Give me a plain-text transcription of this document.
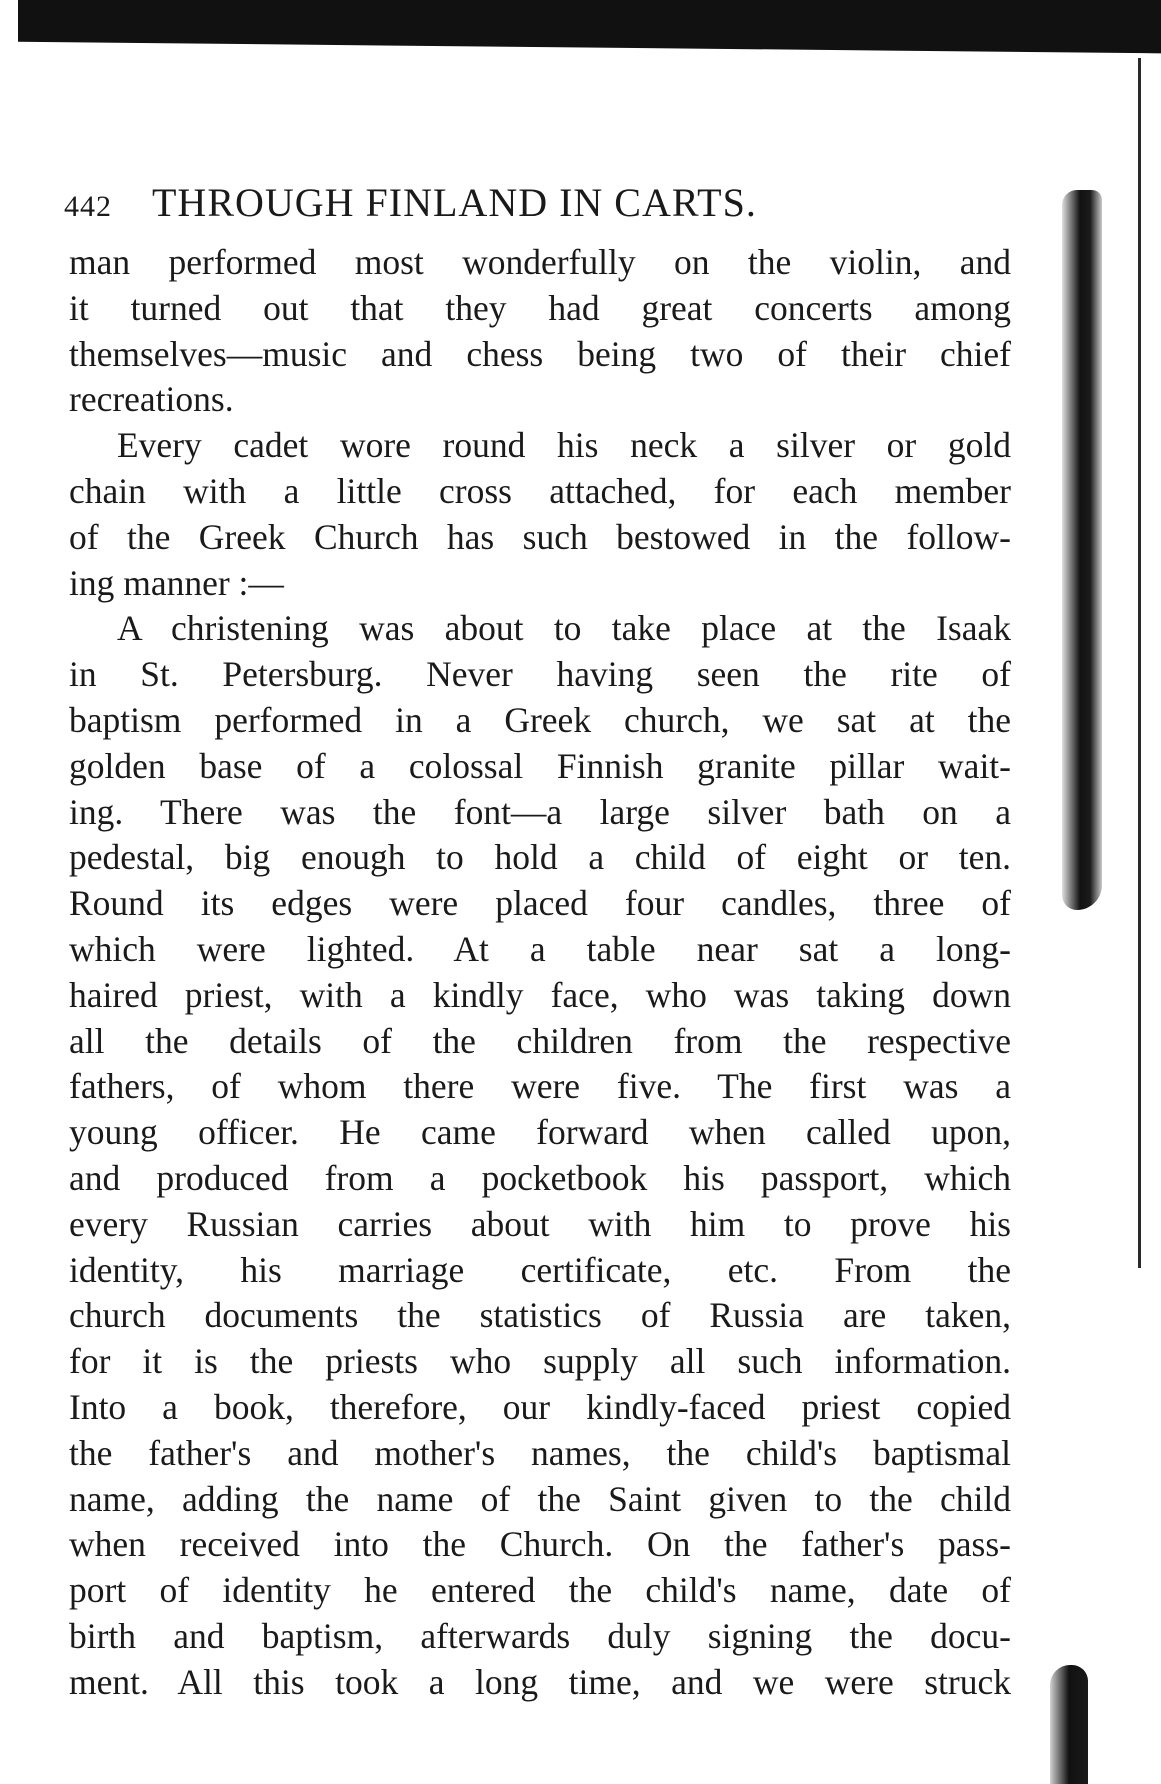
442 THROUGH FINLAND IN CARTS.
man performed most wonderfully on the violin, and
it turned out that they had great concerts among
themselves—music and chess being two of their chief
recreations.
Every cadet wore round his neck a silver or gold
chain with a little cross attached, for each member
of the Greek Church has such bestowed in the follow-
ing manner :—
A christening was about to take place at the Isaak
in St. Petersburg. Never having seen the rite of
baptism performed in a Greek church, we sat at the
golden base of a colossal Finnish granite pillar wait-
ing. There was the font—a large silver bath on a
pedestal, big enough to hold a child of eight or ten.
Round its edges were placed four candles, three of
which were lighted. At a table near sat a long-
haired priest, with a kindly face, who was taking down
all the details of the children from the respective
fathers, of whom there were five. The first was a
young officer. He came forward when called upon,
and produced from a pocketbook his passport, which
every Russian carries about with him to prove his
identity, his marriage certificate, etc. From the
church documents the statistics of Russia are taken,
for it is the priests who supply all such information.
Into a book, therefore, our kindly-faced priest copied
the father's and mother's names, the child's baptismal
name, adding the name of the Saint given to the child
when received into the Church. On the father's pass-
port of identity he entered the child's name, date of
birth and baptism, afterwards duly signing the docu-
ment. All this took a long time, and we were struck
